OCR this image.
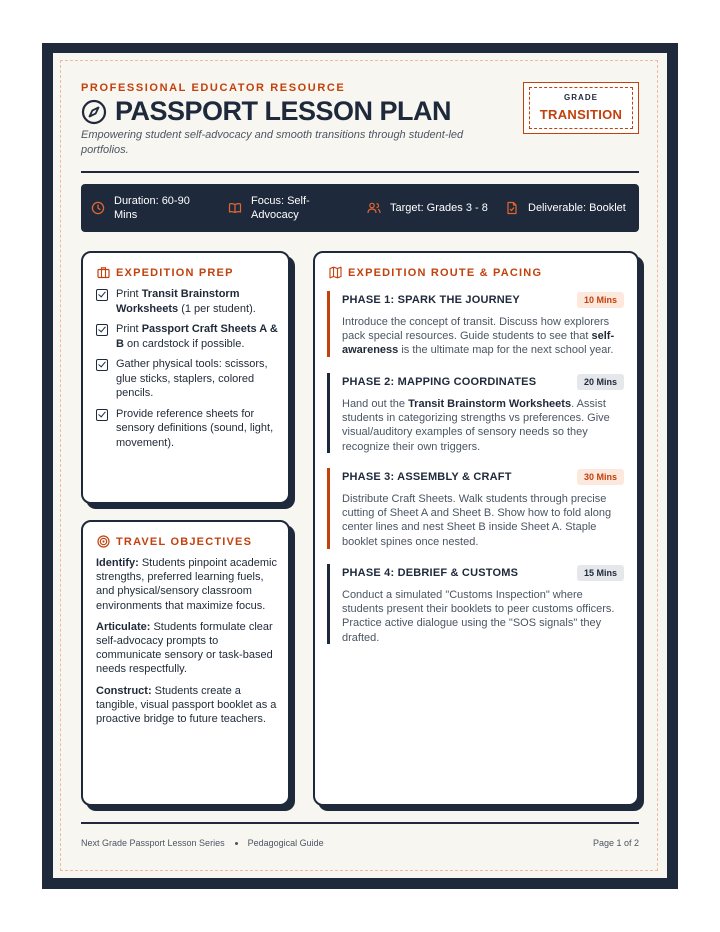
PROFESSIONAL EDUCATOR RESOURCE
PASSPORT LESSON PLAN
Empowering student self-advocacy and smooth transitions through student-led portfolios.
GRADE
TRANSITION
Duration: 60-90 Mins
Focus: Self-Advocacy
Target: Grades 3 - 8	Deliverable: Booklet
EXPEDITION PREP
Print Transit Brainstorm Worksheets (1 per student).
Print Passport Craft Sheets A & B on cardstock if possible.
Gather physical tools: scissors, glue sticks, staplers, colored pencils.
Provide reference sheets for sensory definitions (sound, light, movement).
TRAVEL OBJECTIVES
Identify: Students pinpoint academic strengths, preferred learning fuels, and physical/sensory classroom environments that maximize focus.
Articulate: Students formulate clear self-advocacy prompts to communicate sensory or task-based needs respectfully.
Construct: Students create a tangible, visual passport booklet as a proactive bridge to future teachers.
EXPEDITION ROUTE & PACING
PHASE 1: SPARK THE JOURNEY	10 Mins
Introduce the concept of transit. Discuss how explorers pack special resources. Guide students to see that self-awareness is the ultimate map for the next school year.
PHASE 2: MAPPING COORDINATES	20 Mins
Hand out the Transit Brainstorm Worksheets. Assist students in categorizing strengths vs preferences. Give visual/auditory examples of sensory needs so they recognize their own triggers.
PHASE 3: ASSEMBLY & CRAFT	30 Mins
Distribute Craft Sheets. Walk students through precise cutting of Sheet A and Sheet B. Show how to fold along center lines and nest Sheet B inside Sheet A. Staple booklet spines once nested.
PHASE 4: DEBRIEF & CUSTOMS	15 Mins
Conduct a simulated "Customs Inspection" where students present their booklets to peer customs officers. Practice active dialogue using the "SOS signals" they drafted.
Next Grade Passport Lesson Series	Pedagogical Guide	Page 1 of 2
